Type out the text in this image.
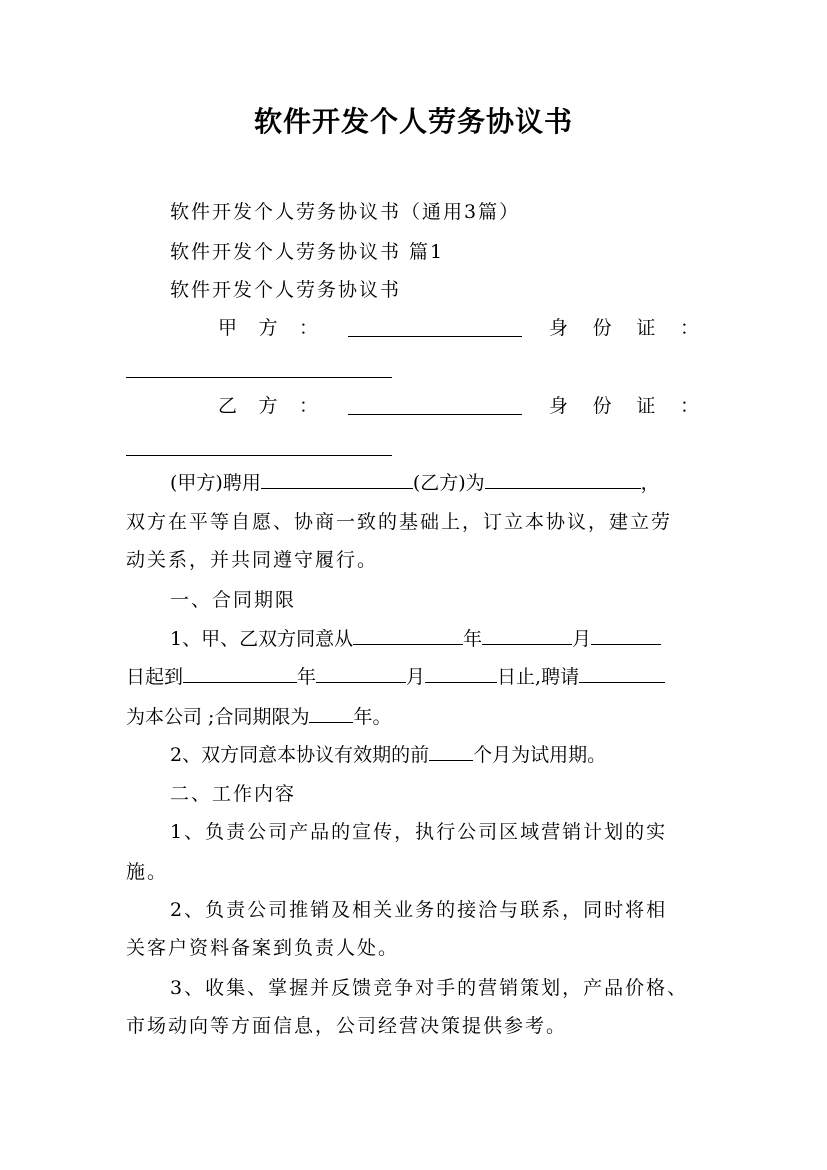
软件开发个人劳务协议书
软件开发个人劳务协议书（通用3篇）
软件开发个人劳务协议书 篇1
软件开发个人劳务协议书
甲 方 ：	身 份 证 ：
乙 方 ：	身 份 证 ：
(甲方)聘用	(乙方)为	，
双方在平等自愿、协商一致的基础上，订立本协议，建立劳
动关系，并共同遵守履行。
一、合同期限
1、甲、乙双方同意从	年	月
日起到	年	月	日止,聘请
为本公司 ;合同期限为 年。
2、双方同意本协议有效期的前 个月为试用期。
二、工作内容
1、负责公司产品的宣传，执行公司区域营销计划的实
施。
2、负责公司推销及相关业务的接洽与联系，同时将相
关客户资料备案到负责人处。
3、收集、掌握并反馈竞争对手的营销策划，产品价格、
市场动向等方面信息，公司经营决策提供参考。
